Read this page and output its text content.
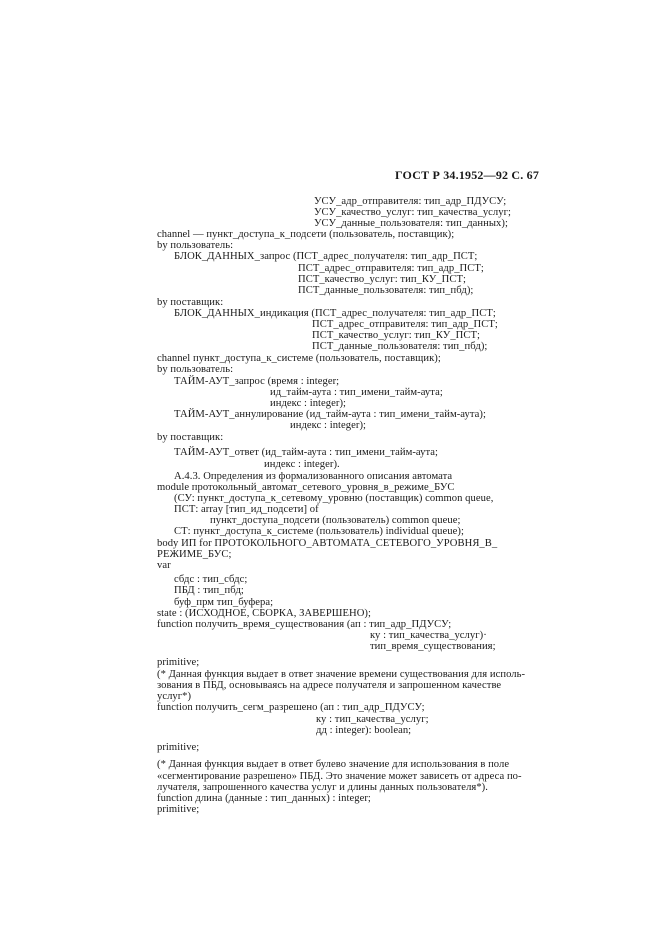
ГОСТ Р 34.1952—92 С. 67
УСУ_адр_отправителя: тип_адр_ПДУСУ;
УСУ_качество_услуг: тип_качества_услуг;
УСУ_данные_пользователя: тип_данных);
channel — пункт_доступа_к_подсети (пользователь, поставщик);
by пользователь:
БЛОК_ДАННЫХ_запрос (ПСТ_адрес_получателя: тип_адр_ПСТ;
ПСТ_адрес_отправителя: тип_адр_ПСТ;
ПСТ_качество_услуг: тип_КУ_ПСТ;
ПСТ_данные_пользователя: тип_пбд);
by поставщик:
БЛОК_ДАННЫХ_индикация (ПСТ_адрес_получателя: тип_адр_ПСТ;
ПСТ_адрес_отправителя: тип_адр_ПСТ;
ПСТ_качество_услуг: тип_КУ_ПСТ;
ПСТ_данные_пользователя: тип_пбд);
channel пункт_доступа_к_системе (пользователь, поставщик);
by пользователь:
ТАЙМ-АУТ_запрос (время : integer;
ид_тайм-аута : тип_имени_тайм-аута;
индекс : integer);
ТАЙМ-АУТ_аннулирование (ид_тайм-аута : тип_имени_тайм-аута);
индекс : integer);
by поставщик:
ТАЙМ-АУТ_ответ (ид_тайм-аута : тип_имени_тайм-аута;
индекс : integer).
А.4.3. Определения из формализованного описания автомата
module протокольный_автомат_сетевого_уровня_в_режиме_БУС
(СУ: пункт_доступа_к_сетевому_уровню (поставщик) common queue,
ПСТ: array [тип_ид_подсети] of
пункт_доступа_подсети (пользователь) common queue;
СТ: пункт_доступа_к_системе (пользователь) individual queue);
body ИП for ПРОТОКОЛЬНОГО_АВТОМАТА_СЕТЕВОГО_УРОВНЯ_В_
РЕЖИМЕ_БУС;
var
сбдс : тип_сбдс;
ПБД : тип_пбд;
буф_прм тип_буфера;
state : (ИСХОДНОЕ, СБОРКА, ЗАВЕРШЕНО);
function получить_время_существования (ап : тип_адр_ПДУСУ;
ку : тип_качества_услуг)·
тип_время_существования;
primitive;
(* Данная функция выдает в ответ значение времени существования для исполь-
зования в ПБД, основываясь на адресе получателя и запрошенном качестве
услуг*)
function получить_сегм_разрешено (ап : тип_адр_ПДУСУ;
ку : тип_качества_услуг;
дд : integer): boolean;
primitive;
(* Данная функция выдает в ответ булево значение для использования в поле
«сегментирование разрешено» ПБД. Это значение может зависеть от адреса по-
лучателя, запрошенного качества услуг и длины данных пользователя*).
function длина (данные : тип_данных) : integer;
primitive;
